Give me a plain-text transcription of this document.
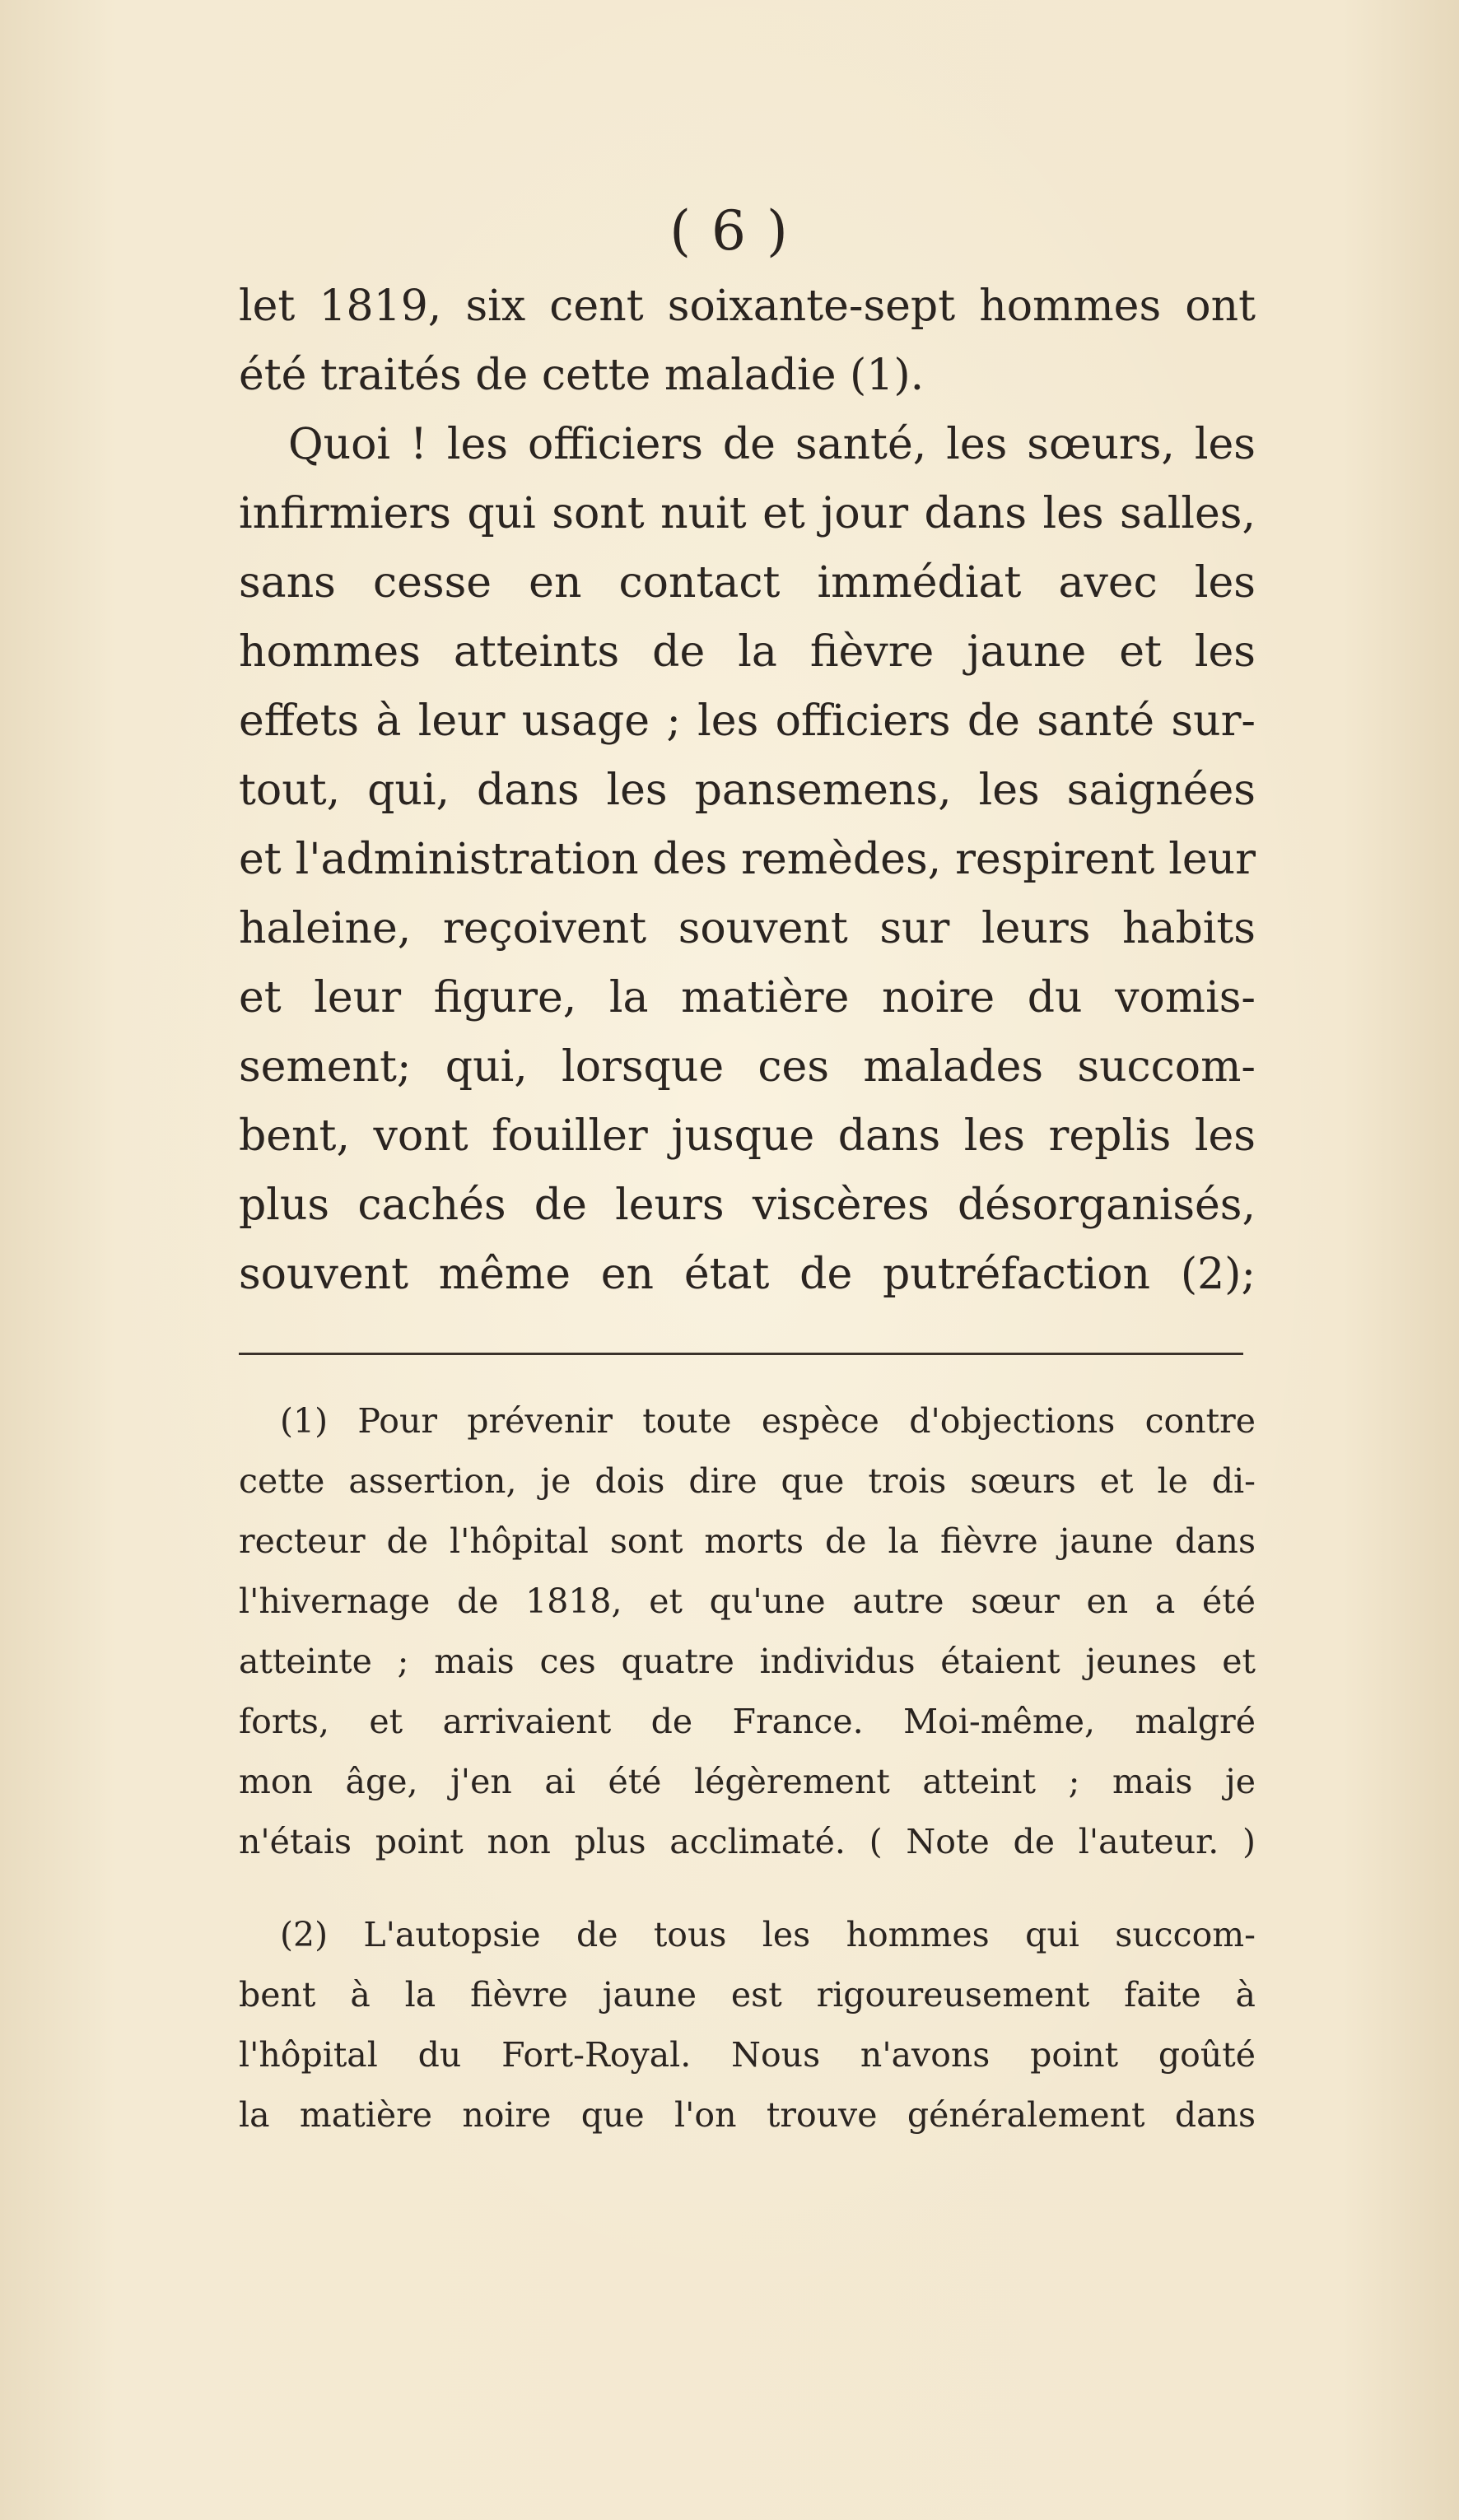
( 6 )
let 1819, six cent soixante-sept hommes ont
été traités de cette maladie (1).
Quoi ! les officiers de santé, les sœurs, les
infirmiers qui sont nuit et jour dans les salles,
sans cesse en contact immédiat avec les
hommes atteints de la fièvre jaune et les
effets à leur usage ; les officiers de santé sur-
tout, qui, dans les pansemens, les saignées
et l'administration des remèdes, respirent leur
haleine, reçoivent souvent sur leurs habits
et leur figure, la matière noire du vomis-
sement; qui, lorsque ces malades succom-
bent, vont fouiller jusque dans les replis les
plus cachés de leurs viscères désorganisés,
souvent même en état de putréfaction (2);
(1) Pour prévenir toute espèce d'objections contre
cette assertion, je dois dire que trois sœurs et le di-
recteur de l'hôpital sont morts de la fièvre jaune dans
l'hivernage de 1818, et qu'une autre sœur en a été
atteinte ; mais ces quatre individus étaient jeunes et
forts, et arrivaient de France. Moi-même, malgré
mon âge, j'en ai été légèrement atteint ; mais je
n'étais point non plus acclimaté. ( Note de l'auteur. )
(2) L'autopsie de tous les hommes qui succom-
bent à la fièvre jaune est rigoureusement faite à
l'hôpital du Fort-Royal. Nous n'avons point goûté
la matière noire que l'on trouve généralement dans
